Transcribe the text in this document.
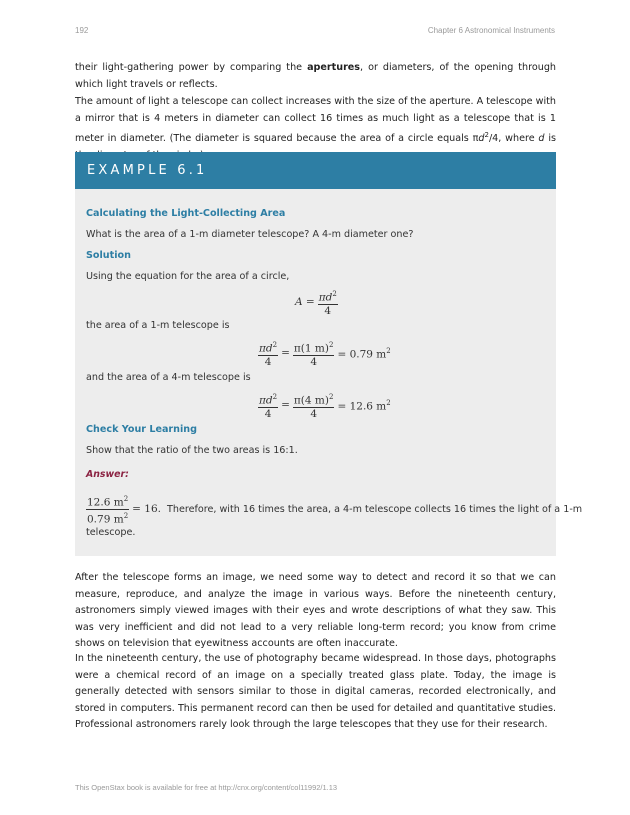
192	Chapter 6 Astronomical Instruments

their light-gathering power by comparing the apertures, or diameters, of the opening through which light travels or reflects.

The amount of light a telescope can collect increases with the size of the aperture. A telescope with a mirror that is 4 meters in diameter can collect 16 times as much light as a telescope that is 1 meter in diameter. (The diameter is squared because the area of a circle equals $\pi d^2/4$, where d is

EXAMPLE 6.1
Calculating the Light-Collecting Area
What is the area of a 1-m diameter telescope? A 4-m diameter one?
Solution
Using the equation for the area of a circle,
$A = \frac{\pi d^2}{4}$
the area of a 1-m telescope is
$\frac{\pi d^2}{4} = \frac{\pi(1 m)^2}{4} = 0.79$ $m^2$
and the area of a 4-m telescope is
$\frac{\pi d^2}{4} = \frac{\pi(4 m)^2}{4} = 12.6$ $m^2$
Check Your Learning
Show that the ratio of the two areas is 16:1.
Answer:
$\frac{12.6 m^2}{0.79 m^2} = 16$. Therefore, with 16 times the area, a 4-m telescope collects 16 times the light of a 1-m
telescope.

After the telescope forms an image, we need some way to detect and record it so that we can measure, reproduce, and analyze the image in various ways. Before the nineteenth century, astronomers simply viewed images with their eyes and wrote descriptions of what they saw. This was very inefficient and did not lead to a very reliable long-term record; you know from crime shows on television that eyewitness accounts are often inaccurate.

In the nineteenth century, the use of photography became widespread. In those days, photographs were a chemical record of an image on a specially treated glass plate. Today, the image is generally detected with sensors similar to those in digital cameras, recorded electronically, and stored in computers. This permanent record can then be used for detailed and quantitative studies. Professional astronomers rarely look through the large telescopes that they use for their research.

This OpenStax book is available for free at http://cnx.org/content/col11992/1.13
